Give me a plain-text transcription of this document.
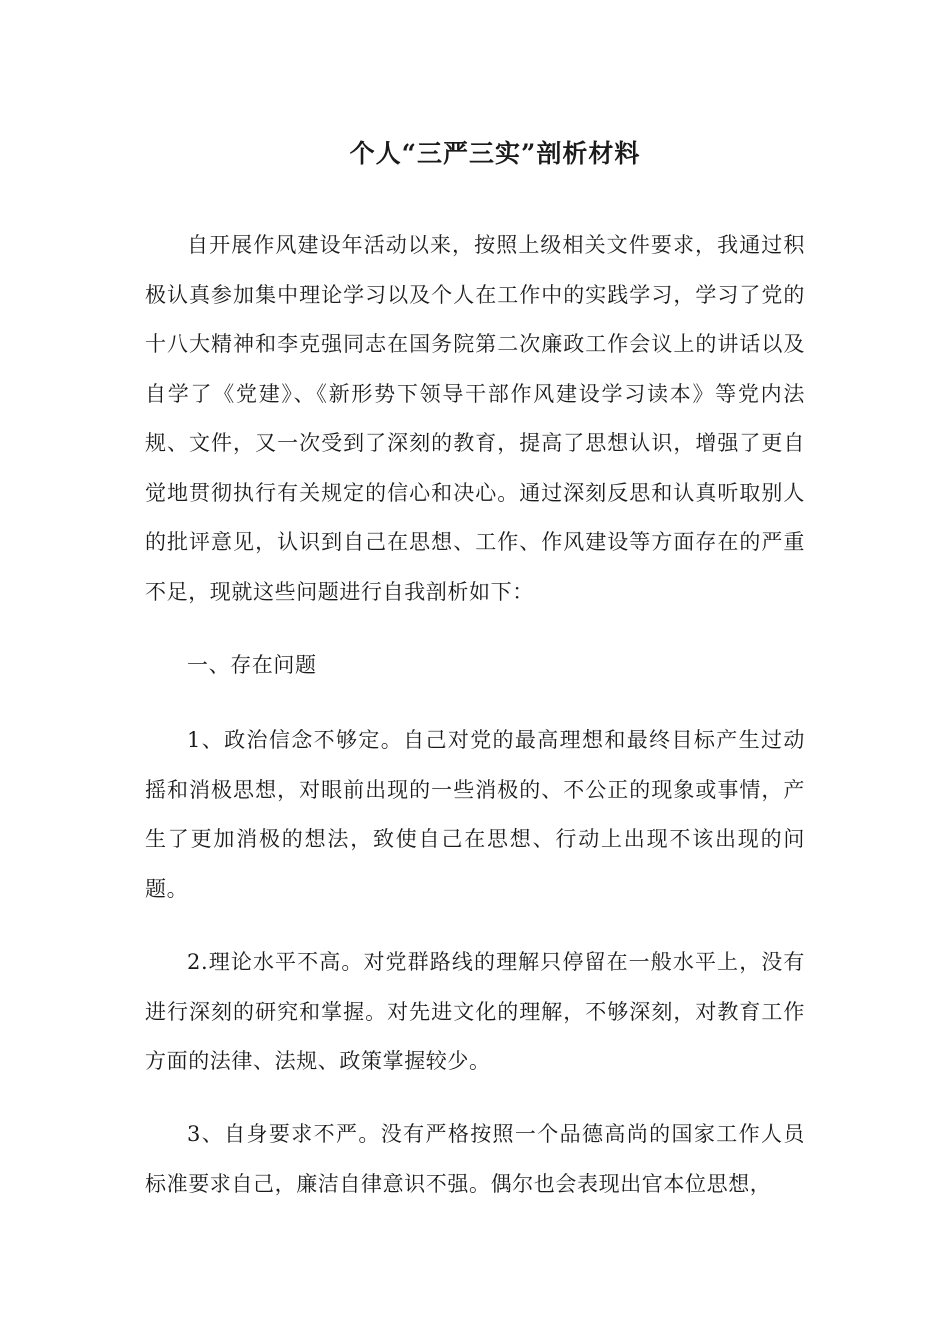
个人“三严三实”剖析材料

自开展作风建设年活动以来，按照上级相关文件要求，我通过积极认真参加集中理论学习以及个人在工作中的实践学习，学习了党的十八大精神和李克强同志在国务院第二次廉政工作会议上的讲话以及自学了《党建》、《新形势下领导干部作风建设学习读本》等党内法规、文件，又一次受到了深刻的教育，提高了思想认识，增强了更自觉地贯彻执行有关规定的信心和决心。通过深刻反思和认真听取别人的批评意见，认识到自己在思想、工作、作风建设等方面存在的严重不足，现就这些问题进行自我剖析如下：

一、存在问题

1、政治信念不够定。自己对党的最高理想和最终目标产生过动摇和消极思想，对眼前出现的一些消极的、不公正的现象或事情，产生了更加消极的想法，致使自己在思想、行动上出现不该出现的问题。

2.理论水平不高。对党群路线的理解只停留在一般水平上，没有进行深刻的研究和掌握。对先进文化的理解，不够深刻，对教育工作方面的法律、法规、政策掌握较少。

3、自身要求不严。没有严格按照一个品德高尚的国家工作人员标准要求自己，廉洁自律意识不强。偶尔也会表现出官本位思想，
